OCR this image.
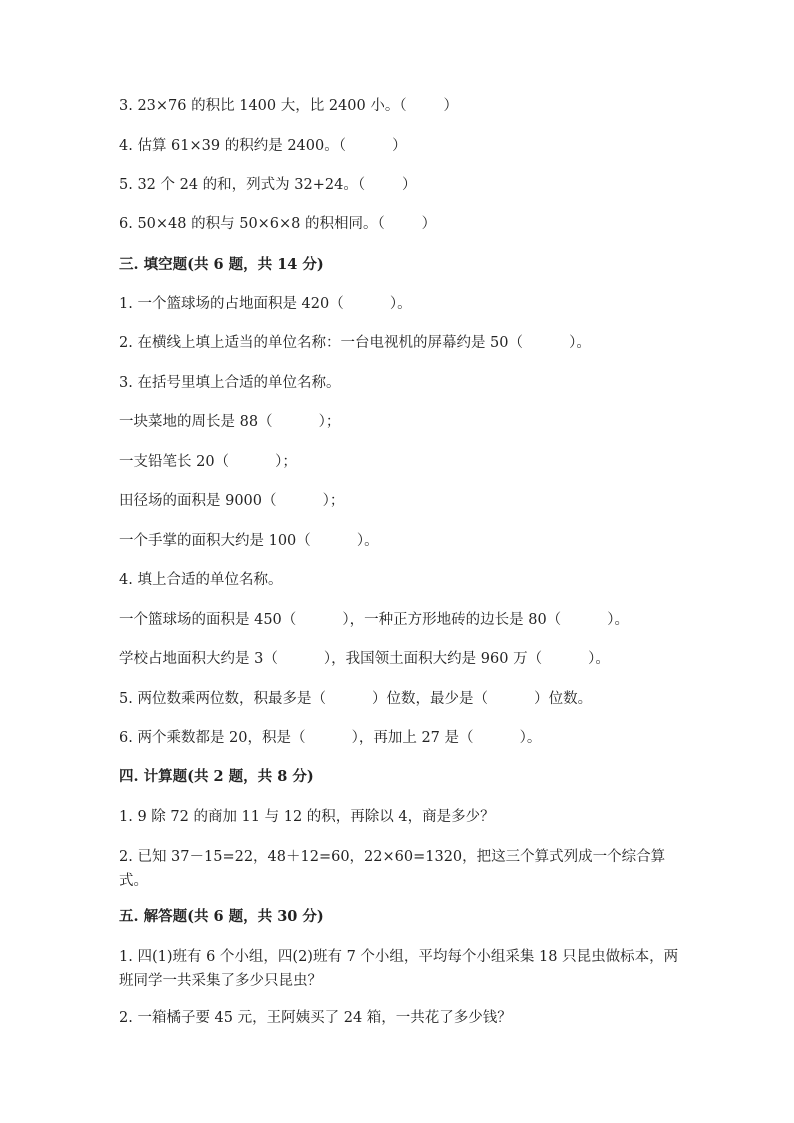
3. 23×76 的积比 1400 大，比 2400 小。（        ）
4. 估算 61×39 的积约是 2400。（          ）
5. 32 个 24 的和，列式为 32+24。（        ）
6. 50×48 的积与 50×6×8 的积相同。（        ）
三. 填空题(共 6 题，共 14 分)
1. 一个篮球场的占地面积是 420（          ）。
2. 在横线上填上适当的单位名称：一台电视机的屏幕约是 50（          ）。
3. 在括号里填上合适的单位名称。
一块菜地的周长是 88（          ）；
一支铅笔长 20（          ）；
田径场的面积是 9000（          ）；
一个手掌的面积大约是 100（          ）。
4. 填上合适的单位名称。
一个篮球场的面积是 450（          ），一种正方形地砖的边长是 80（          ）。
学校占地面积大约是 3（          ），我国领土面积大约是 960 万（          ）。
5. 两位数乘两位数，积最多是（          ）位数，最少是（          ）位数。
6. 两个乘数都是 20，积是（          ），再加上 27 是（          ）。
四. 计算题(共 2 题，共 8 分)
1. 9 除 72 的商加 11 与 12 的积，再除以 4，商是多少？
2. 已知 37－15=22，48＋12=60，22×60=1320，把这三个算式列成一个综合算式。
五. 解答题(共 6 题，共 30 分)
1. 四(1)班有 6 个小组，四(2)班有 7 个小组，平均每个小组采集 18 只昆虫做标本，两班同学一共采集了多少只昆虫？
2. 一箱橘子要 45 元，王阿姨买了 24 箱，一共花了多少钱？
